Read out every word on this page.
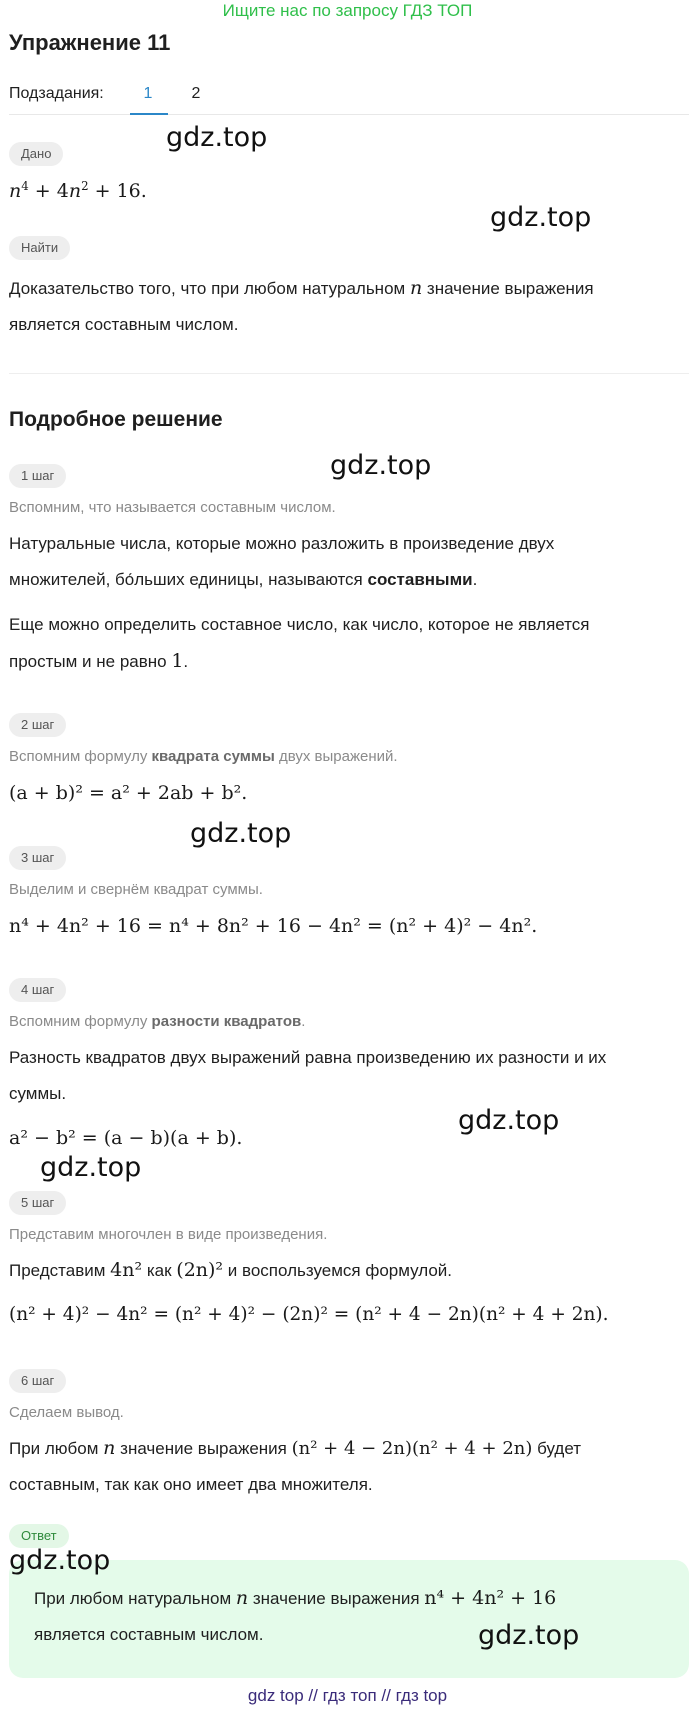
Ищите нас по запросу ГДЗ ТОП
Упражнение 11
Подзадания:	1	2
Дано
$n^4 + 4n^2 + 16$.
Найти
Доказательство того, что при любом натуральном n значение выражения
является составным числом.
Подробное решение
1 шаг
Вспомним, что называется составным числом.
Натуральные числа, которые можно разложить в произведение двух
множителей, бо́льших единицы, называются составными.
Еще можно определить составное число, как число, которое не является
простым и не равно 1.
2 шаг
Вспомним формулу квадрата суммы двух выражений.
(a + b)² = a² + 2ab + b².
3 шаг
Выделим и свернём квадрат суммы.
n⁴ + 4n² + 16 = n⁴ + 8n² + 16 − 4n² = (n² + 4)² − 4n².
4 шаг
Вспомним формулу разности квадратов.
Разность квадратов двух выражений равна произведению их разности и их
суммы.
a² − b² = (a − b)(a + b).
5 шаг
Представим многочлен в виде произведения.
Представим 4n² как (2n)² и воспользуемся формулой.
(n² + 4)² − 4n² = (n² + 4)² − (2n)² = (n² + 4 − 2n)(n² + 4 + 2n).
6 шаг
Сделаем вывод.
При любом n значение выражения (n² + 4 − 2n)(n² + 4 + 2n) будет
составным, так как оно имеет два множителя.
Ответ
При любом натуральном n значение выражения n⁴ + 4n² + 16
является составным числом.
gdz.top
gdz.top
gdz.top
gdz.top
gdz.top
gdz.top
gdz.top
gdz.top
gdz top // гдз топ // гдз top
